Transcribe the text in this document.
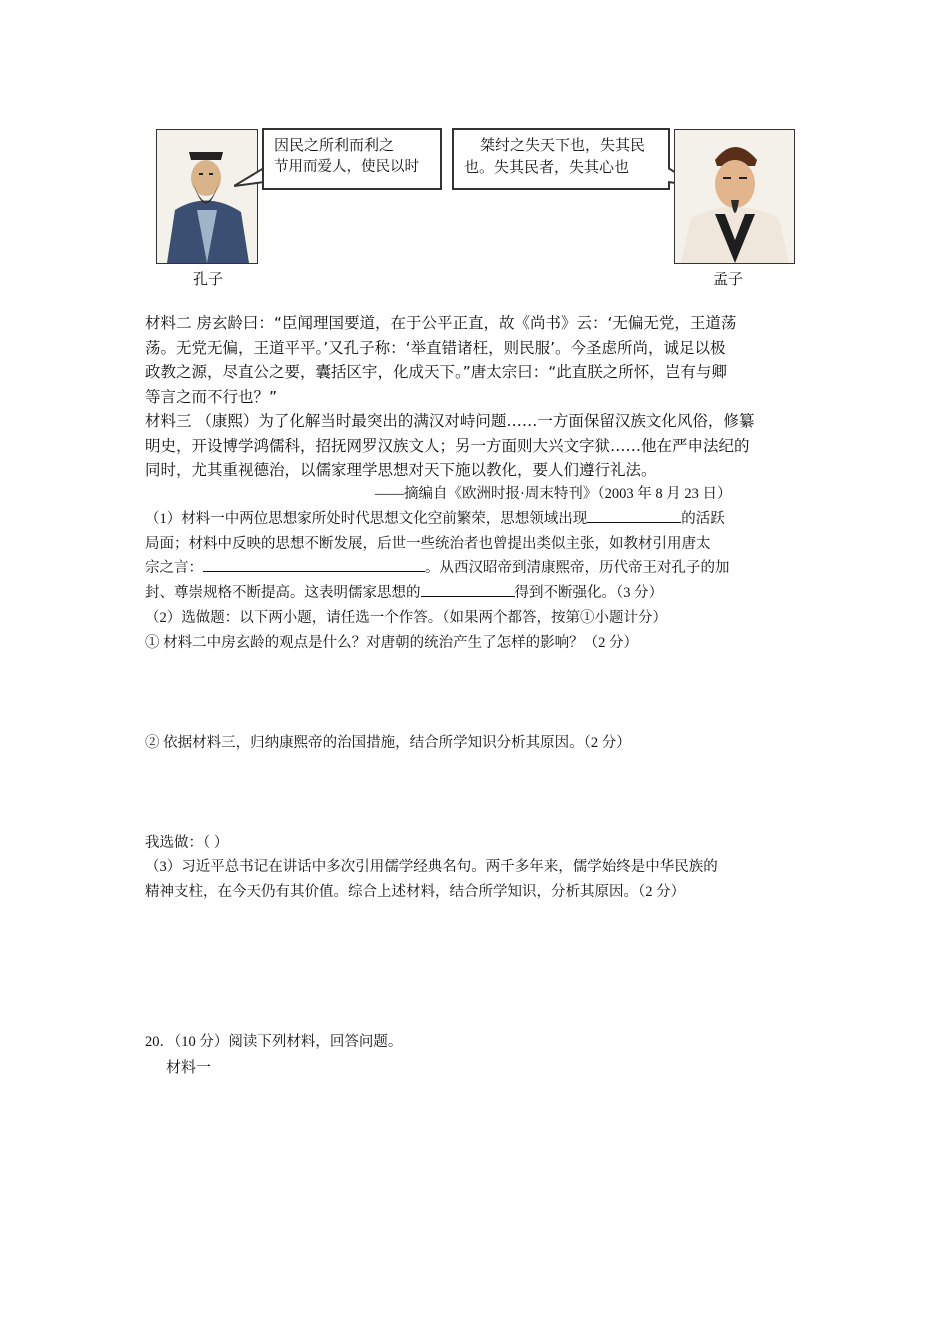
孔子
因民之所利而利之
节用而爱人，使民以时
桀纣之失天下也，失其民
也。失其民者，失其心也
孟子
材料二 房玄龄曰：“臣闻理国要道，在于公平正直，故《尚书》云：‘无偏无党，王道荡
荡。无党无偏，王道平平。’又孔子称：‘举直错诸枉，则民服’。今圣虑所尚，诚足以极
政教之源，尽直公之要，囊括区宇，化成天下。”唐太宗曰：“此直朕之所怀，岂有与卿
等言之而不行也？”
材料三 （康熙）为了化解当时最突出的满汉对峙问题……一方面保留汉族文化风俗，修纂
明史，开设博学鸿儒科，招抚网罗汉族文人；另一方面则大兴文字狱……他在严申法纪的
同时，尤其重视德治，以儒家理学思想对天下施以教化，要人们遵行礼法。
——摘编自《欧洲时报·周末特刊》（2003 年 8 月 23 日）
（1）材料一中两位思想家所处时代思想文化空前繁荣，思想领域出现	的活跃
局面；材料中反映的思想不断发展，后世一些统治者也曾提出类似主张，如教材引用唐太
宗之言：	。从西汉昭帝到清康熙帝，历代帝王对孔子的加
封、尊崇规格不断提高。这表明儒家思想的	得到不断强化。（3 分）
（2）选做题：以下两小题，请任选一个作答。（如果两个都答，按第①小题计分）
① 材料二中房玄龄的观点是什么？对唐朝的统治产生了怎样的影响？（2 分）
② 依据材料三，归纳康熙帝的治国措施，结合所学知识分析其原因。（2 分）
我选做：（ ）
（3）习近平总书记在讲话中多次引用儒学经典名句。两千多年来，儒学始终是中华民族的
精神支柱，在今天仍有其价值。综合上述材料，结合所学知识，分析其原因。（2 分）
20．（10 分）阅读下列材料，回答问题。
材料一
